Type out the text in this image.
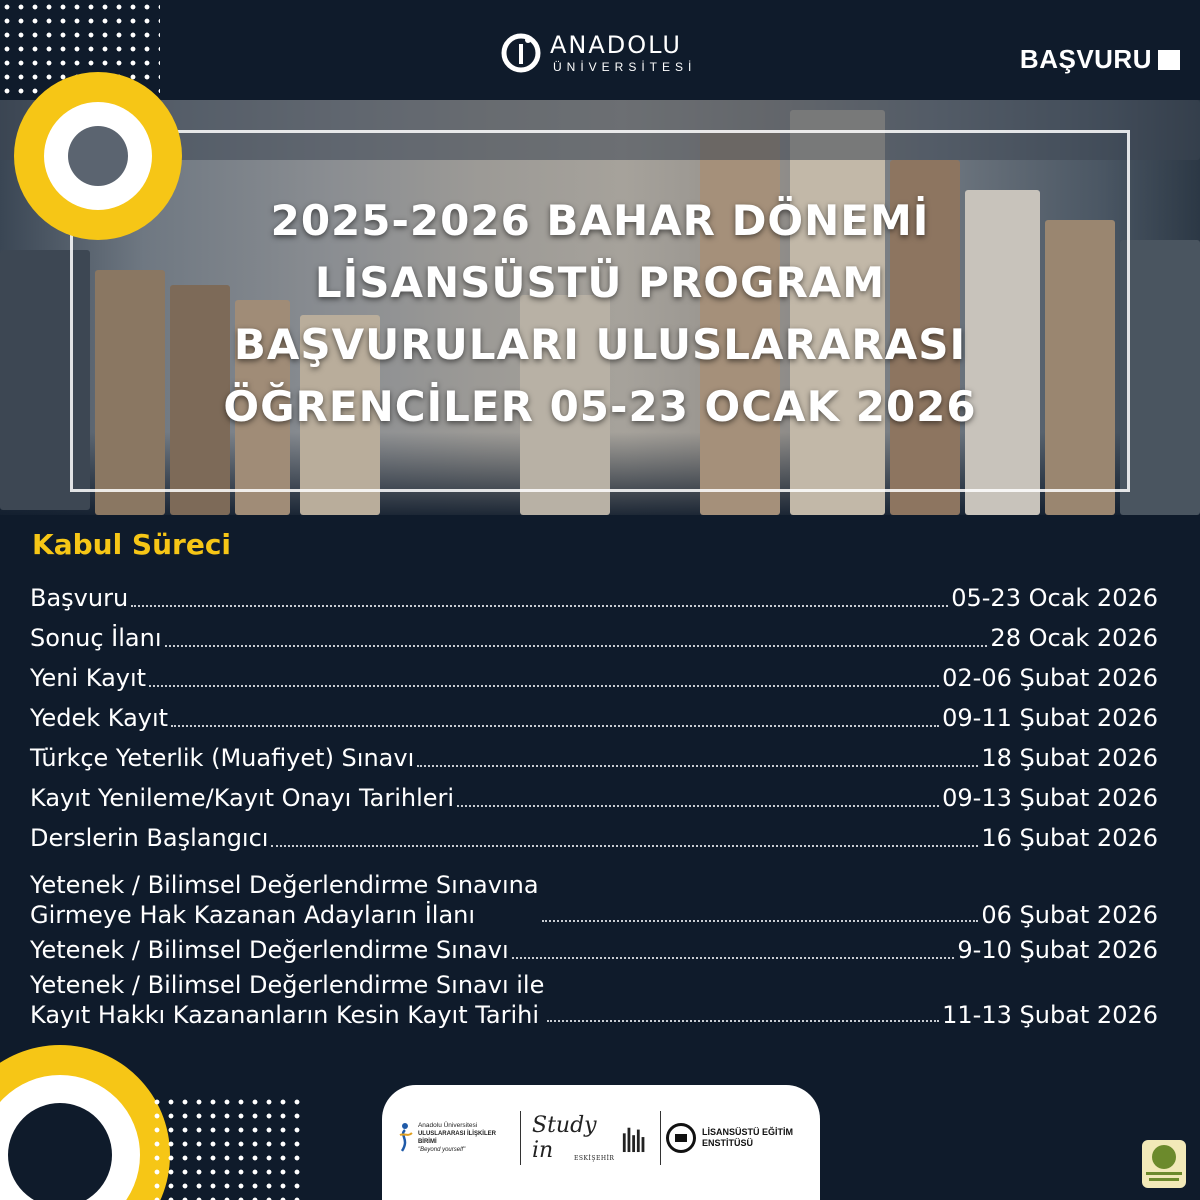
2025-2026 BAHAR DÖNEMİ
LİSANSÜSTÜ PROGRAM
BAŞVURULARI ULUSLARARASI
ÖĞRENCİLER 05-23 OCAK 2026
ANADOLU
ÜNİVERSİTESİ	BAŞVURU
Kabul Süreci
Başvuru	05-23 Ocak 2026
Sonuç İlanı	28 Ocak 2026
Yeni Kayıt	02-06 Şubat 2026
Yedek Kayıt	09-11 Şubat 2026
Türkçe Yeterlik (Muafiyet) Sınavı	18 Şubat 2026
Kayıt Yenileme/Kayıt Onayı Tarihleri	09-13 Şubat 2026
Derslerin Başlangıcı	16 Şubat 2026
Yetenek / Bilimsel Değerlendirme Sınavına
Girmeye Hak Kazanan Adayların İlanı	06 Şubat 2026
Yetenek / Bilimsel Değerlendirme Sınavı	9-10 Şubat 2026
Yetenek / Bilimsel Değerlendirme Sınavı ile
Kayıt Hakkı Kazananların Kesin Kayıt Tarihi	11-13 Şubat 2026
Anadolu Üniversitesi
ULUSLARARASI İLİŞKİLER BİRİMİ
"Beyond yourself"
Study in	ESKİŞEHİR
LİSANSÜSTÜ EĞİTİM
ENSTİTÜSÜ
